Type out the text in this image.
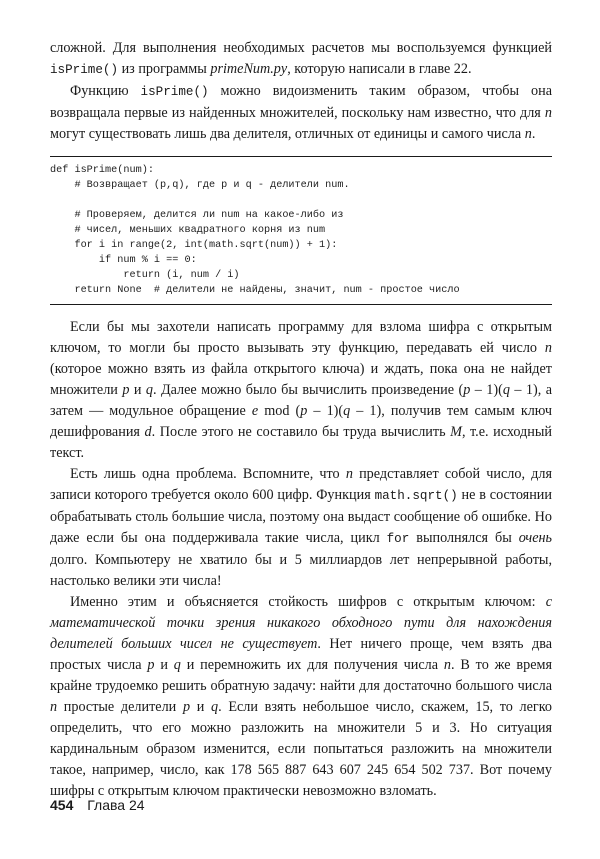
сложной. Для выполнения необходимых расчетов мы воспользуемся функцией isPrime() из программы primeNum.py, которую написали в главе 22.

Функцию isPrime() можно видоизменить таким образом, чтобы она возвращала первые из найденных множителей, поскольку нам известно, что для n могут существовать лишь два делителя, отличных от единицы и самого числа n.

def isPrime(num):
# Возвращает (p,q), где p и q - делители num.
# Проверяем, делится ли num на какое-либо из
# чисел, меньших квадратного корня из num
for i in range(2, int(math.sqrt(num)) + 1):
if num % i == 0:
return (i, num / i)
return None  # делители не найдены, значит, num - простое число

Если бы мы захотели написать программу для взлома шифра с открытым ключом, то могли бы просто вызывать эту функцию, передавать ей число n (которое можно взять из файла открытого ключа) и ждать, пока она не найдет множители p и q. Далее можно было бы вычислить произведение (p – 1)(q – 1), а затем — модульное обращение e mod (p – 1)(q – 1), получив тем самым ключ дешифрования d. После этого не составило бы труда вычислить M, т.е. исходный текст.

Есть лишь одна проблема. Вспомните, что n представляет собой число, для записи которого требуется около 600 цифр. Функция math.sqrt() не в состоянии обрабатывать столь большие числа, поэтому она выдаст сообщение об ошибке. Но даже если бы она поддерживала такие числа, цикл for выполнялся бы очень долго. Компьютеру не хватило бы и 5 миллиардов лет непрерывной работы, настолько велики эти числа!

Именно этим и объясняется стойкость шифров с открытым ключом: с математической точки зрения никакого обходного пути для нахождения делителей больших чисел не существует. Нет ничего проще, чем взять два простых числа p и q и перемножить их для получения числа n. В то же время крайне трудоемко решить обратную задачу: найти для достаточно большого числа n простые делители p и q. Если взять небольшое число, скажем, 15, то легко определить, что его можно разложить на множители 5 и 3. Но ситуация кардинальным образом изменится, если попытаться разложить на множители такое, например, число, как 178 565 887 643 607 245 654 502 737. Вот почему шифры с открытым ключом практически невозможно взломать.

454 Глава 24
